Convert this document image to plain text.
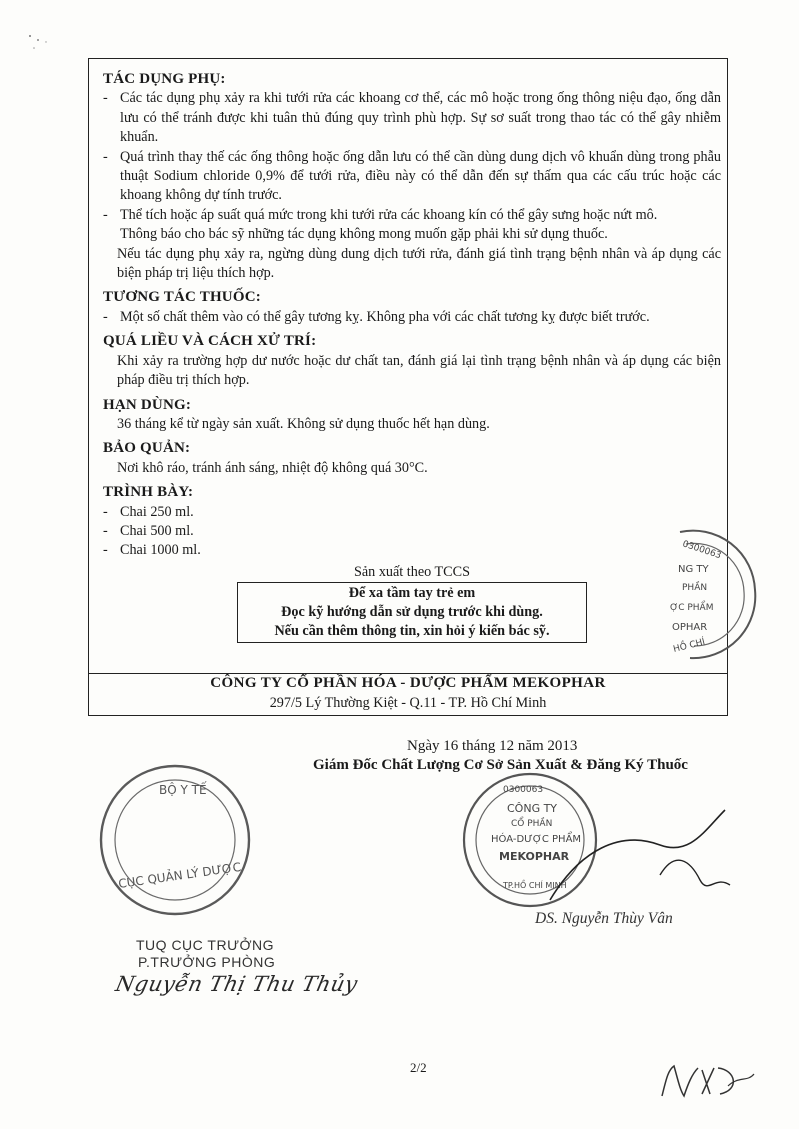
TÁC DỤNG PHỤ:
- Các tác dụng phụ xảy ra khi tưới rửa các khoang cơ thể, các mô hoặc trong ống thông niệu đạo, ống dẫn lưu có thể tránh được khi tuân thủ đúng quy trình phù hợp. Sự sơ suất trong thao tác có thể gây nhiễm khuẩn.
- Quá trình thay thế các ống thông hoặc ống dẫn lưu có thể cần dùng dung dịch vô khuẩn dùng trong phẫu thuật Sodium chloride 0,9% để tưới rửa, điều này có thể dẫn đến sự thấm qua các cấu trúc hoặc các khoang không dự tính trước.
- Thể tích hoặc áp suất quá mức trong khi tưới rửa các khoang kín có thể gây sưng hoặc nứt mô.
Thông báo cho bác sỹ những tác dụng không mong muốn gặp phải khi sử dụng thuốc.
Nếu tác dụng phụ xảy ra, ngừng dùng dung dịch tưới rửa, đánh giá tình trạng bệnh nhân và áp dụng các biện pháp trị liệu thích hợp.
TƯƠNG TÁC THUỐC:
- Một số chất thêm vào có thể gây tương kỵ. Không pha với các chất tương kỵ được biết trước.
QUÁ LIỀU VÀ CÁCH XỬ TRÍ:
Khi xảy ra trường hợp dư nước hoặc dư chất tan, đánh giá lại tình trạng bệnh nhân và áp dụng các biện pháp điều trị thích hợp.
HẠN DÙNG:
36 tháng kể từ ngày sản xuất. Không sử dụng thuốc hết hạn dùng.
BẢO QUẢN:
Nơi khô ráo, tránh ánh sáng, nhiệt độ không quá 30°C.
TRÌNH BÀY:
- Chai 250 ml.
- Chai 500 ml.
- Chai 1000 ml.
Sản xuất theo TCCS
Để xa tầm tay trẻ em
Đọc kỹ hướng dẫn sử dụng trước khi dùng.
Nếu cần thêm thông tin, xin hỏi ý kiến bác sỹ.
CÔNG TY CỔ PHẦN HÓA - DƯỢC PHẨM MEKOPHAR
297/5 Lý Thường Kiệt - Q.11 - TP. Hồ Chí Minh
0300063
NG TY
PHẦN
ỢC PHẨM
OPHAR
HỒ CHÍ
Ngày 16 tháng 12 năm 2013
Giám Đốc Chất Lượng Cơ Sở Sản Xuất & Đăng Ký Thuốc
BỘ Y TẾ
CỤC QUẢN LÝ DƯỢC
0300063
CÔNG TY
CỔ PHẦN
HÓA-DƯỢC PHẨM
MEKOPHAR
TP.HỒ CHÍ MINH
DS. Nguyễn Thùy Vân
TUQ CỤC TRƯỞNG
P.TRƯỞNG PHÒNG
Nguyễn Thị Thu Thủy
2/2
